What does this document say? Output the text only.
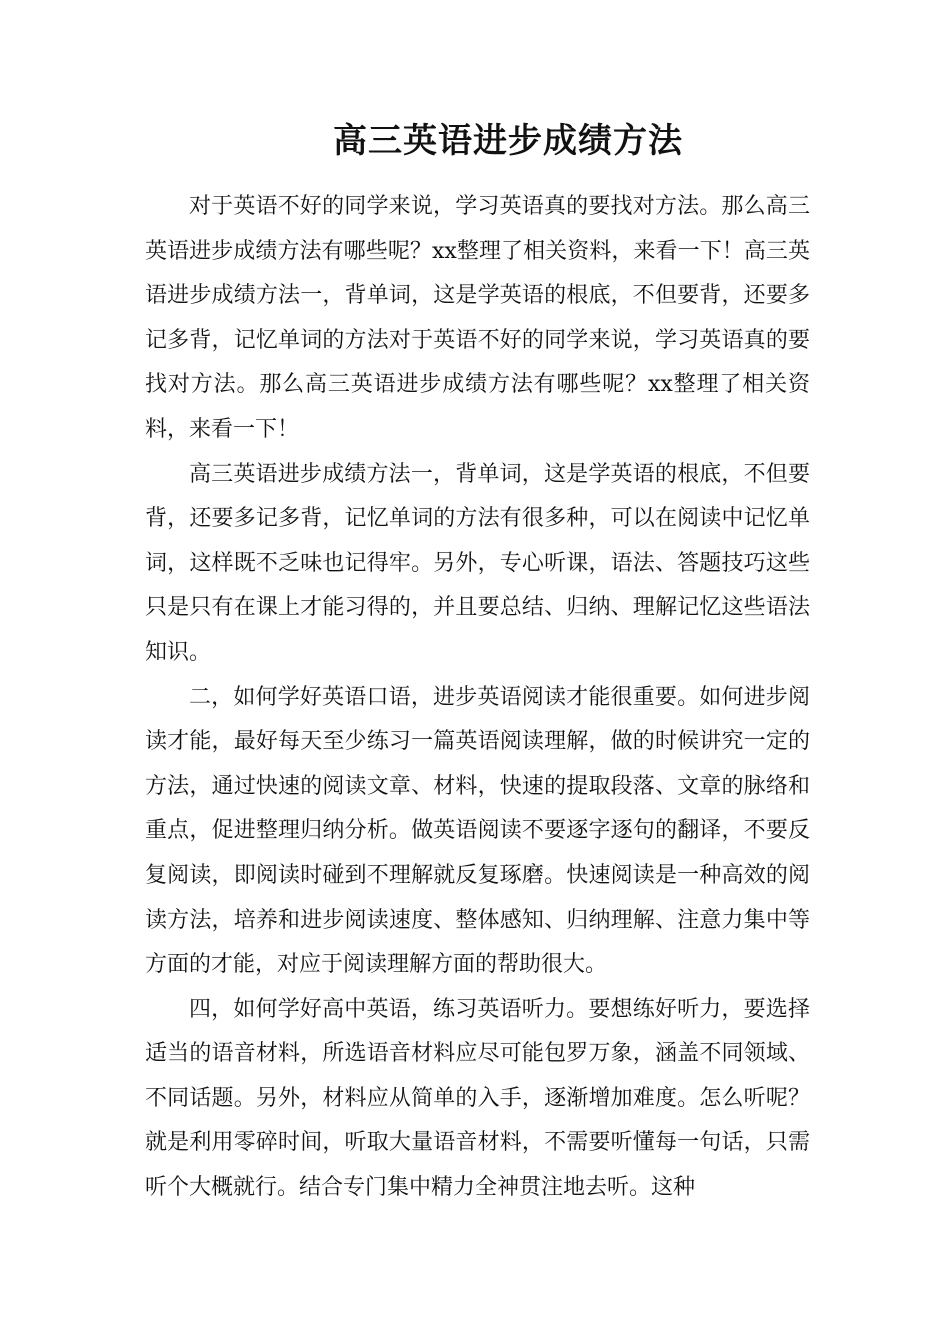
高三英语进步成绩方法

对于英语不好的同学来说，学习英语真的要找对方法。那么高三英语进步成绩方法有哪些呢？xx整理了相关资料，来看一下！高三英语进步成绩方法一，背单词，这是学英语的根底，不但要背，还要多记多背，记忆单词的方法对于英语不好的同学来说，学习英语真的要找对方法。那么高三英语进步成绩方法有哪些呢？xx整理了相关资料，来看一下！

高三英语进步成绩方法一，背单词，这是学英语的根底，不但要背，还要多记多背，记忆单词的方法有很多种，可以在阅读中记忆单词，这样既不乏味也记得牢。另外，专心听课，语法、答题技巧这些只是只有在课上才能习得的，并且要总结、归纳、理解记忆这些语法知识。

二，如何学好英语口语，进步英语阅读才能很重要。如何进步阅读才能，最好每天至少练习一篇英语阅读理解，做的时候讲究一定的方法，通过快速的阅读文章、材料，快速的提取段落、文章的脉络和重点，促进整理归纳分析。做英语阅读不要逐字逐句的翻译，不要反复阅读，即阅读时碰到不理解就反复琢磨。快速阅读是一种高效的阅读方法，培养和进步阅读速度、整体感知、归纳理解、注意力集中等方面的才能，对应于阅读理解方面的帮助很大。

四，如何学好高中英语，练习英语听力。要想练好听力，要选择适当的语音材料，所选语音材料应尽可能包罗万象，涵盖不同领域、不同话题。另外，材料应从简单的入手，逐渐增加难度。怎么听呢？就是利用零碎时间，听取大量语音材料，不需要听懂每一句话，只需听个大概就行。结合专门集中精力全神贯注地去听。这种
